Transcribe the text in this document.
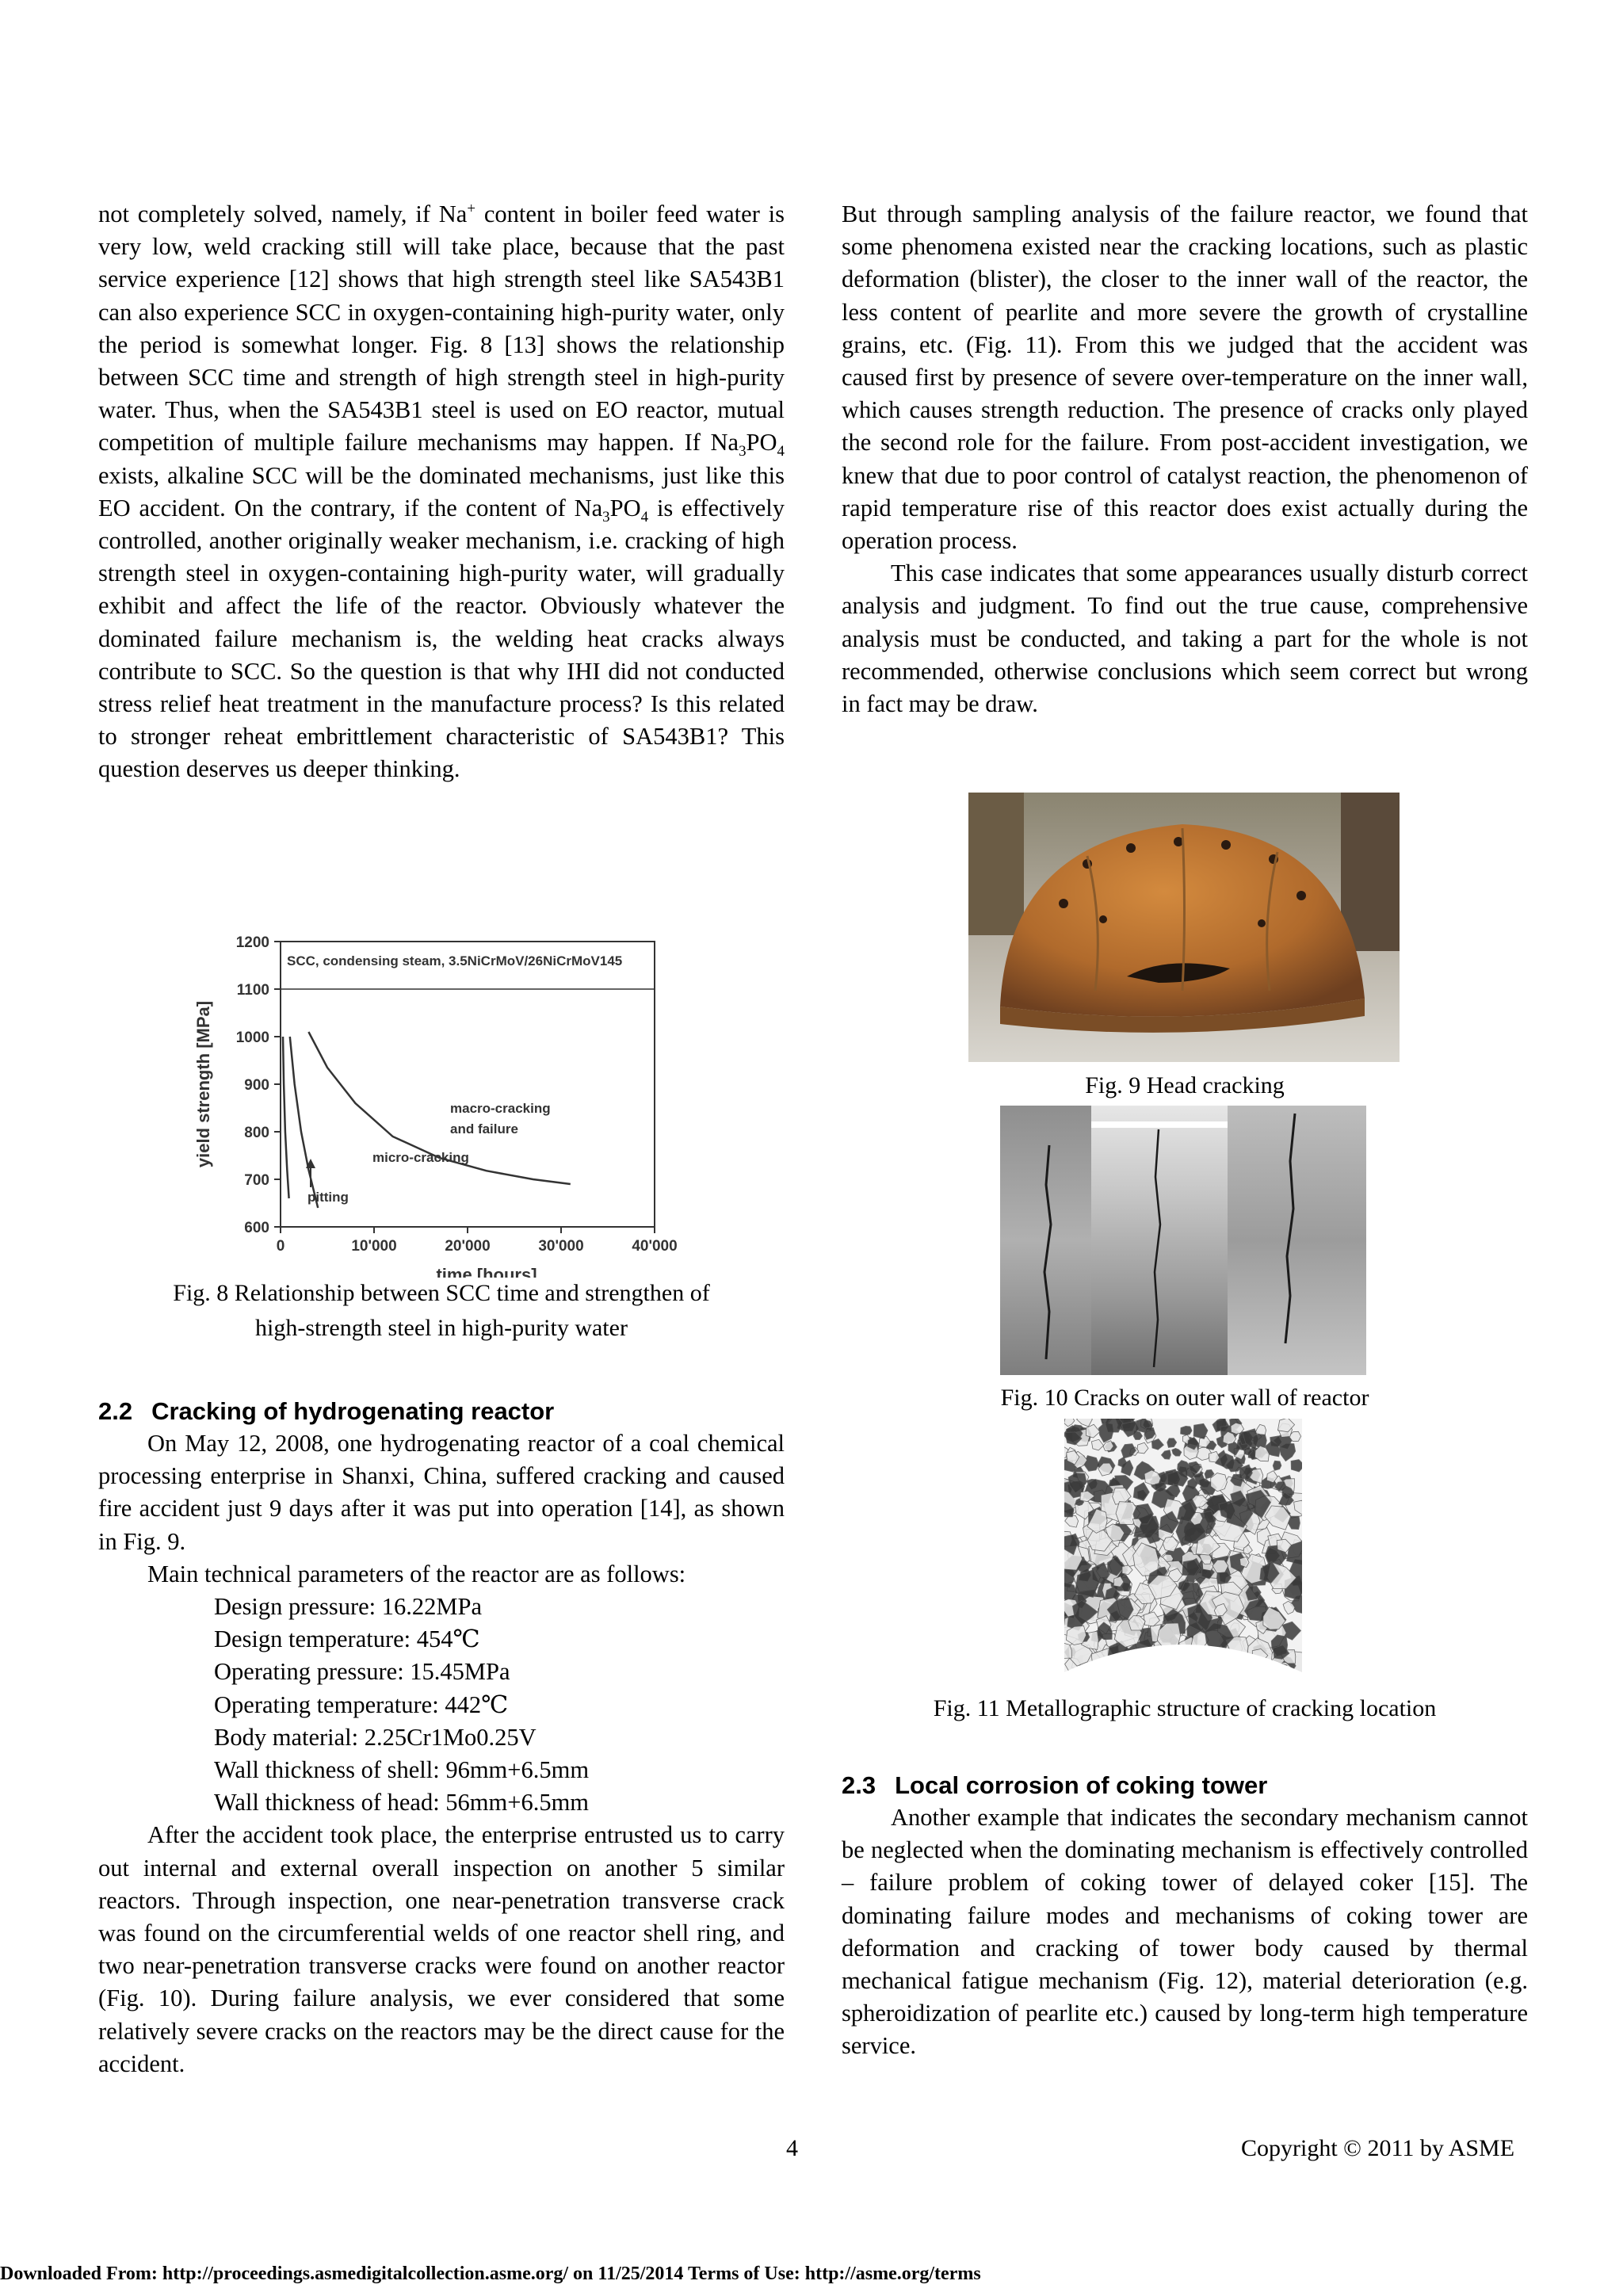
not completely solved, namely, if Na+ content in boiler feed water is very low, weld cracking still will take place, because that the past service experience [12] shows that high strength steel like SA543B1 can also experience SCC in oxygen-containing high-purity water, only the period is somewhat longer. Fig. 8 [13] shows the relationship between SCC time and strength of high strength steel in high-purity water. Thus, when the SA543B1 steel is used on EO reactor, mutual competition of multiple failure mechanisms may happen. If $Na_3PO_4$ exists, alkaline SCC will be the dominated mechanisms, just like this EO accident. On the contrary, if the content of $Na_3PO_4$ is effectively controlled, another originally weaker mechanism, i.e. cracking of high strength steel in oxygen-containing high-purity water, will gradually exhibit and affect the life of the reactor. Obviously whatever the dominated failure mechanism is, the welding heat cracks always contribute to SCC. So the question is that why IHI did not conducted stress relief heat treatment in the manufacture process? Is this related to stronger reheat embrittlement characteristic of SA543B1? This question deserves us deeper thinking.

600
700
800
900
1000
1100
1200
0	10'000	20'000	30'000	40'000
SCC, condensing steam, 3.5NiCrMoV/26NiCrMoV145
time [hours]
yield strength [MPa]	macro-cracking
and failure
micro-cracking
pitting

Fig. 8 Relationship between SCC time and strengthen of

high-strength steel in high-purity water

2.2 Cracking of hydrogenating reactor

On May 12, 2008, one hydrogenating reactor of a coal chemical processing enterprise in Shanxi, China, suffered cracking and caused fire accident just 9 days after it was put into operation [14], as shown in Fig. 9.

Main technical parameters of the reactor are as follows:

Design pressure: 16.22MPa
Design temperature: 454℃
Operating pressure: 15.45MPa
Operating temperature: 442℃
Body material: 2.25Cr1Mo0.25V
Wall thickness of shell: 96mm+6.5mm
Wall thickness of head: 56mm+6.5mm

After the accident took place, the enterprise entrusted us to carry out internal and external overall inspection on another 5 similar reactors. Through inspection, one near-penetration transverse crack was found on the circumferential welds of one reactor shell ring, and two near-penetration transverse cracks were found on another reactor (Fig. 10). During failure analysis, we ever considered that some relatively severe cracks on the reactors may be the direct cause for the accident.

But through sampling analysis of the failure reactor, we found that some phenomena existed near the cracking locations, such as plastic deformation (blister), the closer to the inner wall of the reactor, the less content of pearlite and more severe the growth of crystalline grains, etc. (Fig. 11). From this we judged that the accident was caused first by presence of severe over-temperature on the inner wall, which causes strength reduction. The presence of cracks only played the second role for the failure. From post-accident investigation, we knew that due to poor control of catalyst reaction, the phenomenon of rapid temperature rise of this reactor does exist actually during the operation process.

This case indicates that some appearances usually disturb correct analysis and judgment. To find out the true cause, comprehensive analysis must be conducted, and taking a part for the whole is not recommended, otherwise conclusions which seem correct but wrong in fact may be draw.

Fig. 9 Head cracking

Fig. 10 Cracks on outer wall of reactor

Fig. 11 Metallographic structure of cracking location

2.3 Local corrosion of coking tower

Another example that indicates the secondary mechanism cannot be neglected when the dominating mechanism is effectively controlled – failure problem of coking tower of delayed coker [15]. The dominating failure modes and mechanisms of coking tower are deformation and cracking of tower body caused by thermal mechanical fatigue mechanism (Fig. 12), material deterioration (e.g. spheroidization of pearlite etc.) caused by long-term high temperature service.

4	Copyright © 2011 by ASME
Downloaded From: http://proceedings.asmedigitalcollection.asme.org/ on 11/25/2014 Terms of Use: http://asme.org/terms
